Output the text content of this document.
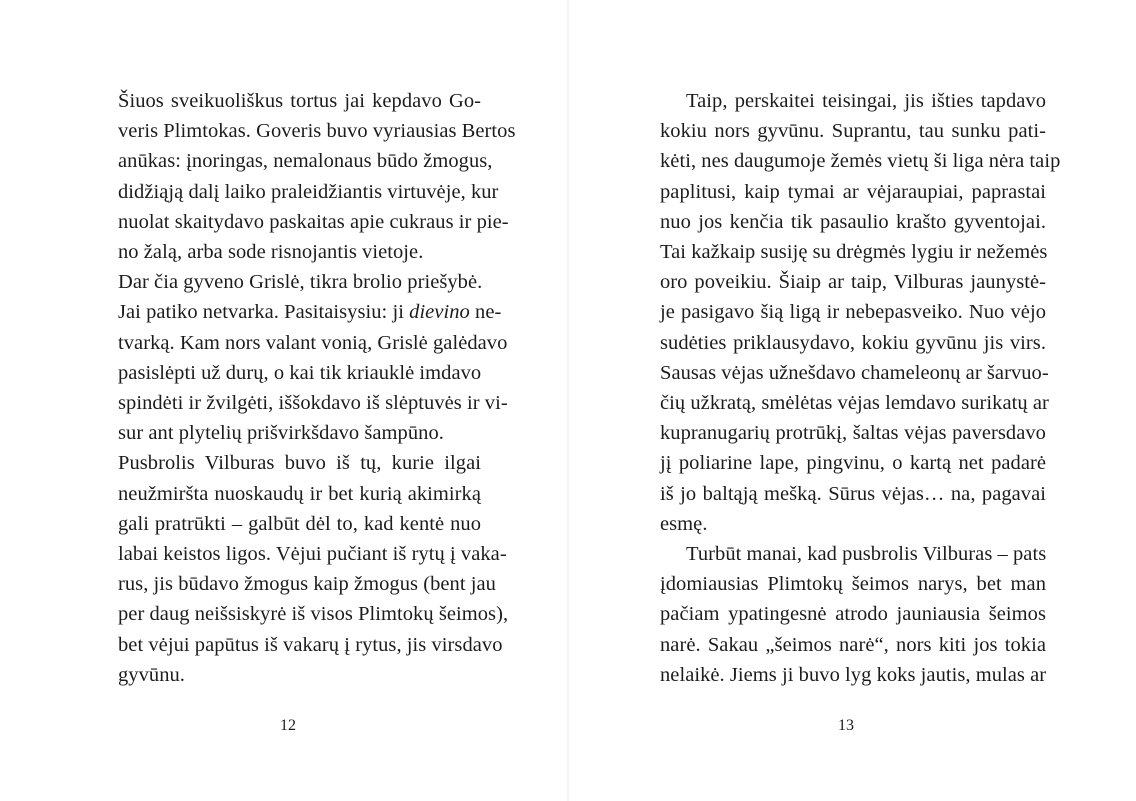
Šiuos sveikuoliškus tortus jai kepdavo Go-
veris Plimtokas. Goveris buvo vyriausias Bertos
anūkas: įnoringas, nemalonaus būdo žmogus,
didžiąją dalį laiko praleidžiantis virtuvėje, kur
nuolat skaitydavo paskaitas apie cukraus ir pie-
no žalą, arba sode risnojantis vietoje.
Dar čia gyveno Grislė, tikra brolio priešybė.
Jai patiko netvarka. Pasitaisysiu: ji dievino ne-
tvarką. Kam nors valant vonią, Grislė galėdavo
pasislėpti už durų, o kai tik kriauklė imdavo
spindėti ir žvilgėti, iššokdavo iš slėptuvės ir vi-
sur ant plytelių prišvirkšdavo šampūno.
Pusbrolis Vilburas buvo iš tų, kurie ilgai
neužmiršta nuoskaudų ir bet kurią akimirką
gali pratrūkti – galbūt dėl to, kad kentė nuo
labai keistos ligos. Vėjui pučiant iš rytų į vaka-
rus, jis būdavo žmogus kaip žmogus (bent jau
per daug neišsiskyrė iš visos Plimtokų šeimos),
bet vėjui papūtus iš vakarų į rytus, jis virsdavo
gyvūnu.
12
Taip, perskaitei teisingai, jis išties tapdavo
kokiu nors gyvūnu. Suprantu, tau sunku pati-
kėti, nes daugumoje žemės vietų ši liga nėra taip
paplitusi, kaip tymai ar vėjaraupiai, paprastai
nuo jos kenčia tik pasaulio krašto gyventojai.
Tai kažkaip susiję su drėgmės lygiu ir nežemės
oro poveikiu. Šiaip ar taip, Vilburas jaunystė-
je pasigavo šią ligą ir nebepasveiko. Nuo vėjo
sudėties priklausydavo, kokiu gyvūnu jis virs.
Sausas vėjas užnešdavo chameleonų ar šarvuo-
čių užkratą, smėlėtas vėjas lemdavo surikatų ar
kupranugarių protrūkį, šaltas vėjas paversdavo
jį poliarine lape, pingvinu, o kartą net padarė
iš jo baltąją mešką. Sūrus vėjas… na, pagavai
esmę.
Turbūt manai, kad pusbrolis Vilburas – pats
įdomiausias Plimtokų šeimos narys, bet man
pačiam ypatingesnė atrodo jauniausia šeimos
narė. Sakau „šeimos narė“, nors kiti jos tokia
nelaikė. Jiems ji buvo lyg koks jautis, mulas ar
13
